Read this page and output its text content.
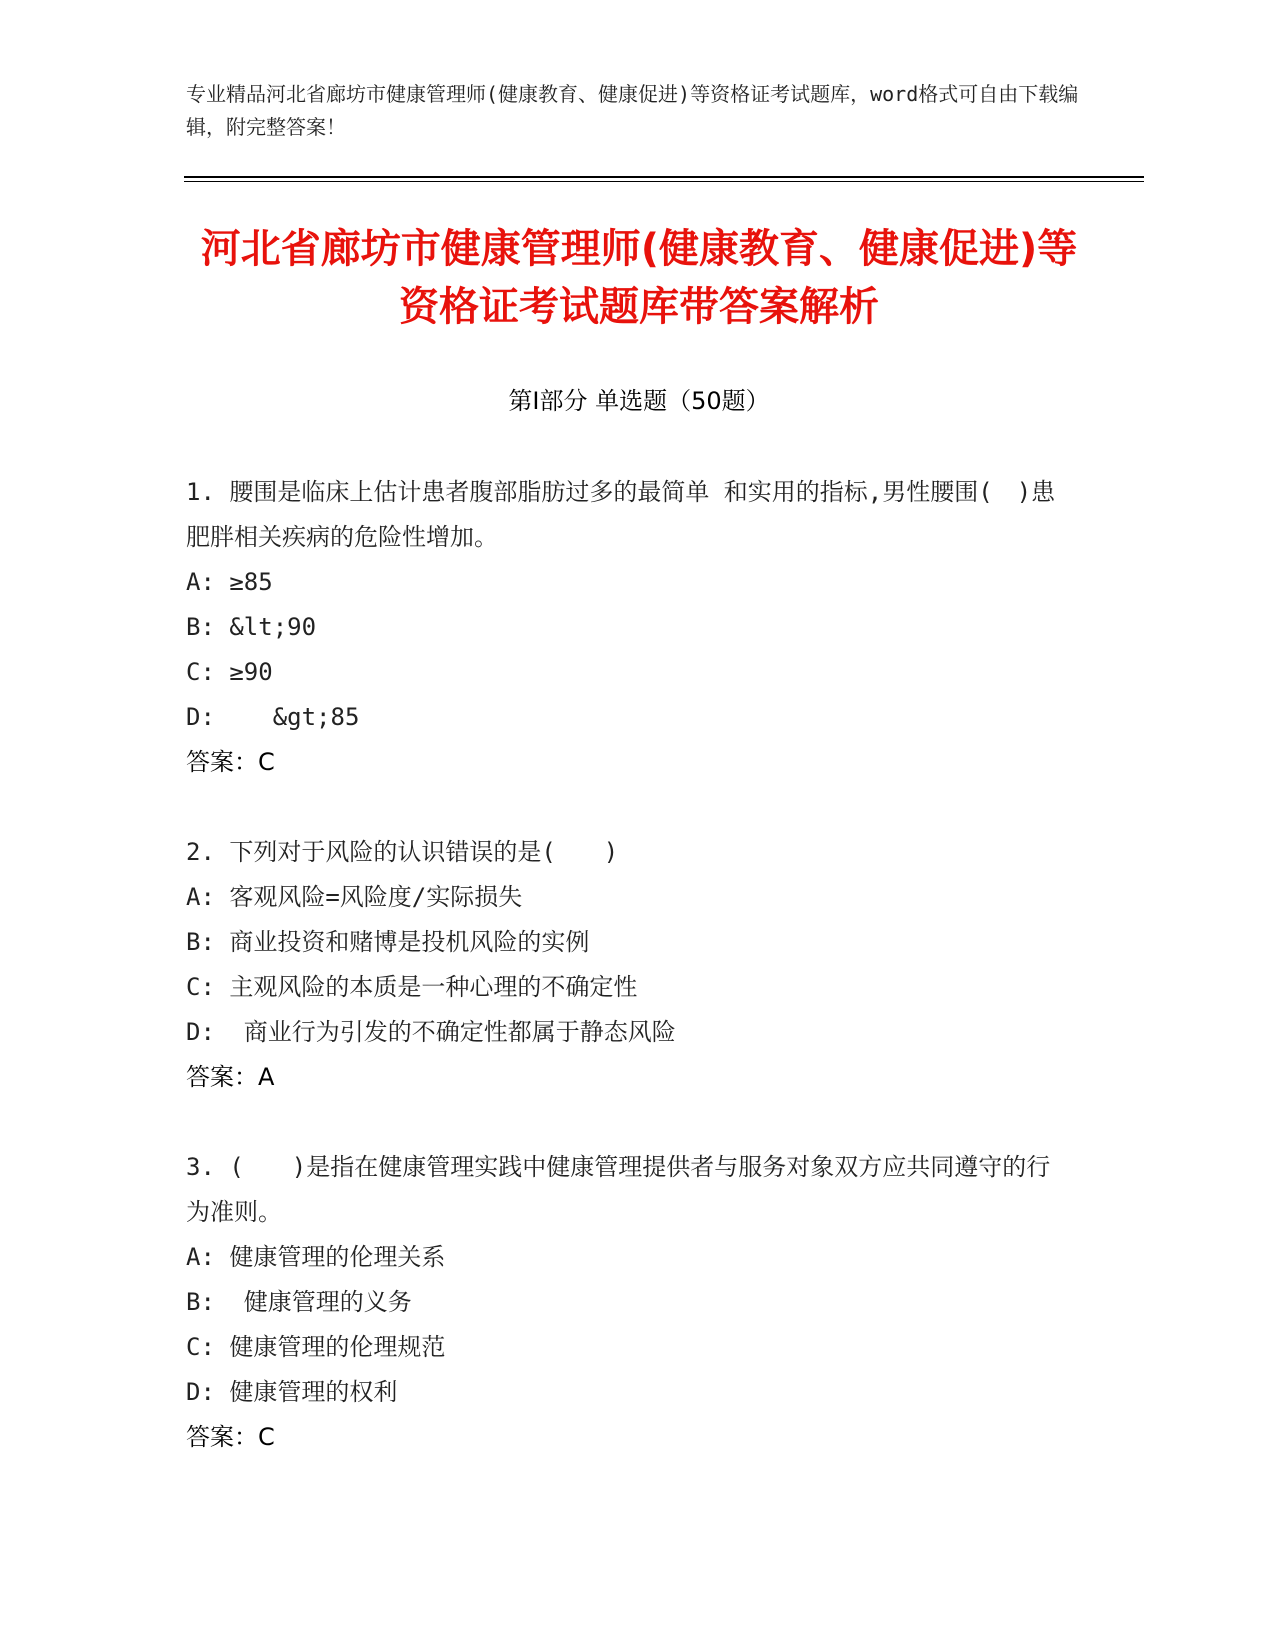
专业精品河北省廊坊市健康管理师(健康教育、健康促进)等资格证考试题库，word格式可自由下载编辑，附完整答案！
河北省廊坊市健康管理师(健康教育、健康促进)等资格证考试题库带答案解析
第Ⅰ部分 单选题（50题）

1. 腰围是临床上估计患者腹部脂肪过多的最简单 和实用的指标,男性腰围(　)患肥胖相关疾病的危险性增加。

A: ≥85

B: &lt;90

C: ≥90

D:    &gt;85

答案：C

2. 下列对于风险的认识错误的是(　　)

A: 客观风险=风险度/实际损失

B: 商业投资和赌博是投机风险的实例

C: 主观风险的本质是一种心理的不确定性

D:  商业行为引发的不确定性都属于静态风险

答案：A

3. (　　)是指在健康管理实践中健康管理提供者与服务对象双方应共同遵守的行为准则。

A: 健康管理的伦理关系

B:  健康管理的义务

C: 健康管理的伦理规范

D: 健康管理的权利

答案：C
